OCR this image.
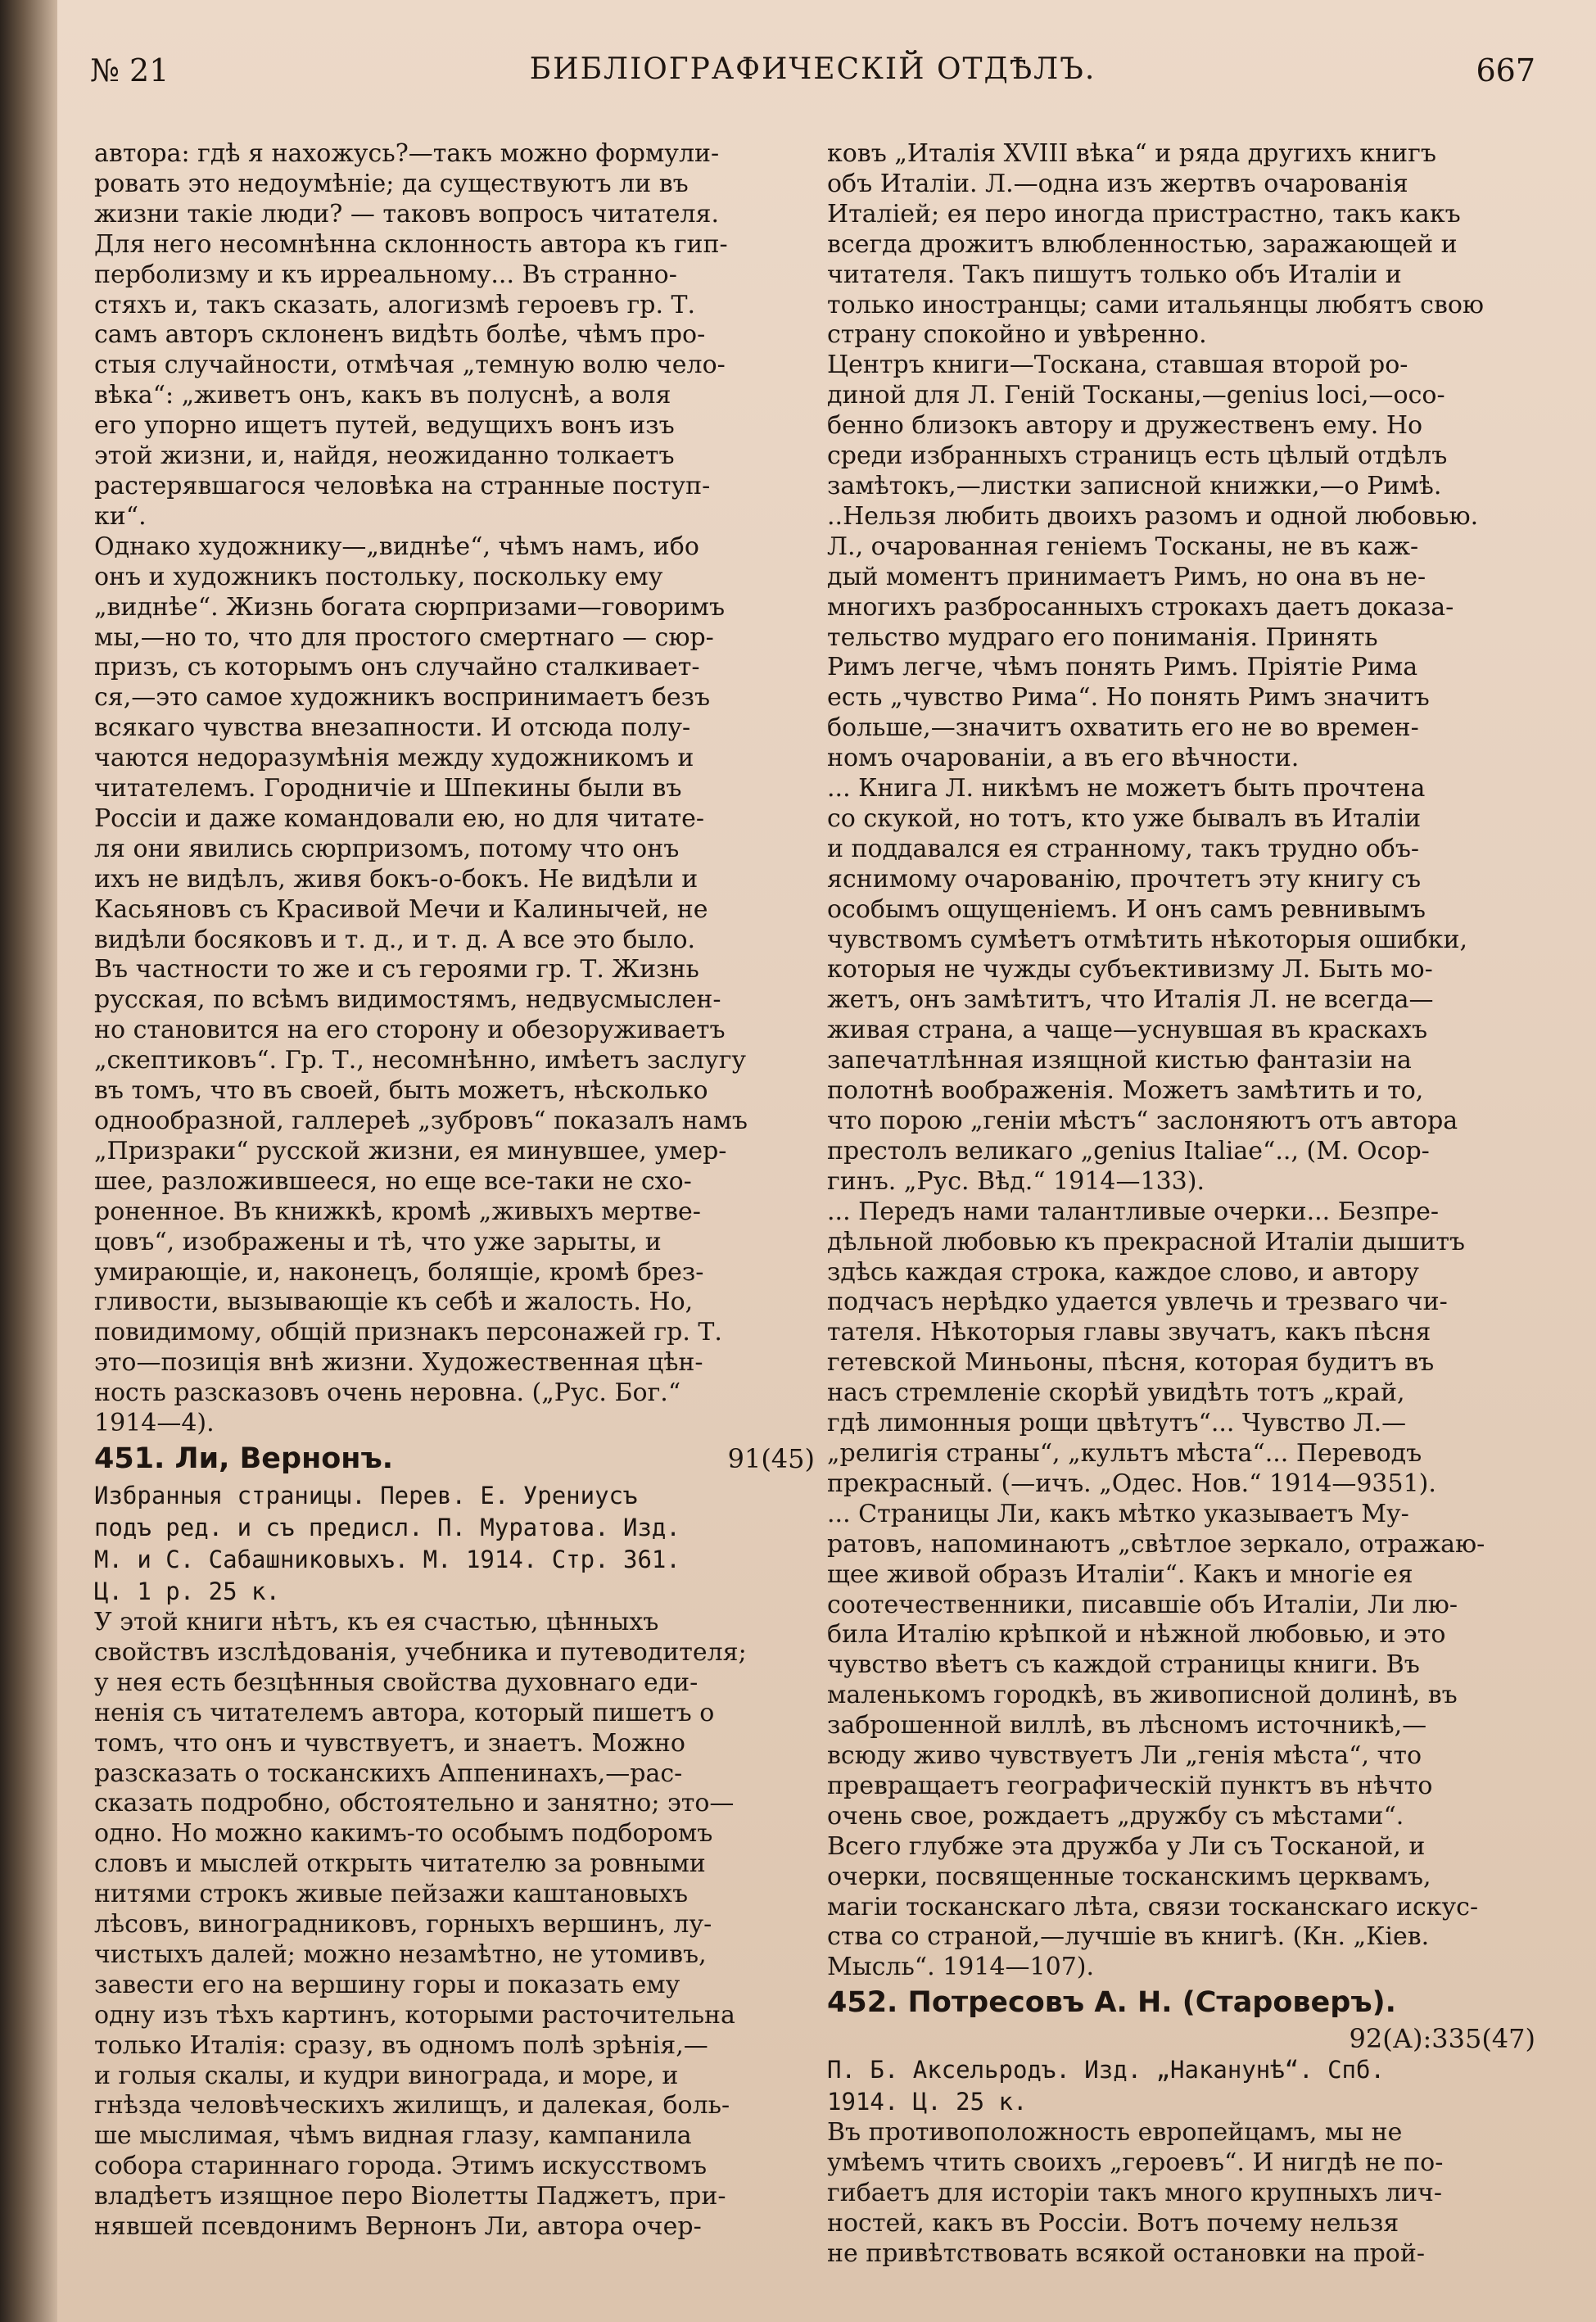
№ 21	БИБЛІОГРАФИЧЕСКІЙ ОТДѢЛЪ.	667
автора: гдѣ я нахожусь?—такъ можно формули-
ровать это недоумѣніе; да существуютъ ли въ
жизни такіе люди? — таковъ вопросъ читателя.
Для него несомнѣнна склонность автора къ гип-
перболизму и къ ирреальному... Въ странно-
стяхъ и, такъ сказать, алогизмѣ героевъ гр. Т.
самъ авторъ склоненъ видѣть болѣе, чѣмъ про-
стыя случайности, отмѣчая „темную волю чело-
вѣка“: „живетъ онъ, какъ въ полуснѣ, а воля
его упорно ищетъ путей, ведущихъ вонъ изъ
этой жизни, и, найдя, неожиданно толкаетъ
растерявшагося человѣка на странные поступ-
ки“.
Однако художнику—„виднѣе“, чѣмъ намъ, ибо
онъ и художникъ постольку, поскольку ему
„виднѣе“. Жизнь богата сюрпризами—говоримъ
мы,—но то, что для простого смертнаго — сюр-
призъ, съ которымъ онъ случайно сталкивает-
ся,—это самое художникъ воспринимаетъ безъ
всякаго чувства внезапности. И отсюда полу-
чаются недоразумѣнія между художникомъ и
читателемъ. Городничіе и Шпекины были въ
Россіи и даже командовали ею, но для читате-
ля они явились сюрпризомъ, потому что онъ
ихъ не видѣлъ, живя бокъ-о-бокъ. Не видѣли и
Касьяновъ съ Красивой Мечи и Калинычей, не
видѣли босяковъ и т. д., и т. д. А все это было.
Въ частности то же и съ героями гр. Т. Жизнь
русская, по всѣмъ видимостямъ, недвусмыслен-
но становится на его сторону и обезоруживаетъ
„скептиковъ“. Гр. Т., несомнѣнно, имѣетъ заслугу
въ томъ, что въ своей, быть можетъ, нѣсколько
однообразной, галлереѣ „зубровъ“ показалъ намъ
„Призраки“ русской жизни, ея минувшее, умер-
шее, разложившееся, но еще все-таки не схо-
роненное. Въ книжкѣ, кромѣ „живыхъ мертве-
цовъ“, изображены и тѣ, что уже зарыты, и
умирающіе, и, наконецъ, болящіе, кромѣ брез-
гливости, вызывающіе къ себѣ и жалость. Но,
повидимому, общій признакъ персонажей гр. Т.
это—позиція внѣ жизни. Художественная цѣн-
ность разсказовъ очень неровна. („Рус. Бог.“
1914—4).
91(45)
451. Ли, Вернонъ.
Избранныя страницы. Перев. Е. Урениусъ
подъ ред. и съ предисл. П. Муратова. Изд.
М. и С. Сабашниковыхъ. М. 1914. Стр. 361.
Ц. 1 р. 25 к.
У этой книги нѣтъ, къ ея счастью, цѣнныхъ
свойствъ изслѣдованія, учебника и путеводителя;
у нея есть безцѣнныя свойства духовнаго еди-
ненія съ читателемъ автора, который пишетъ о
томъ, что онъ и чувствуетъ, и знаетъ. Можно
разсказать о тосканскихъ Аппенинахъ,—рас-
сказать подробно, обстоятельно и занятно; это—
одно. Но можно какимъ-то особымъ подборомъ
словъ и мыслей открыть читателю за ровными
нитями строкъ живые пейзажи каштановыхъ
лѣсовъ, виноградниковъ, горныхъ вершинъ, лу-
чистыхъ далей; можно незамѣтно, не утомивъ,
завести его на вершину горы и показать ему
одну изъ тѣхъ картинъ, которыми расточительна
только Италія: сразу, въ одномъ полѣ зрѣнія,—
и голыя скалы, и кудри винограда, и море, и
гнѣзда человѣческихъ жилищъ, и далекая, боль-
ше мыслимая, чѣмъ видная глазу, кампанила
собора стариннаго города. Этимъ искусствомъ
владѣетъ изящное перо Віолетты Паджетъ, при-
нявшей псевдонимъ Вернонъ Ли, автора очер-
ковъ „Италія XVIII вѣка“ и ряда другихъ книгъ
объ Италіи. Л.—одна изъ жертвъ очарованія
Италіей; ея перо иногда пристрастно, такъ какъ
всегда дрожитъ влюбленностью, заражающей и
читателя. Такъ пишутъ только объ Италіи и
только иностранцы; сами итальянцы любятъ свою
страну спокойно и увѣренно.
Центръ книги—Тоскана, ставшая второй ро-
диной для Л. Геній Тосканы,—genius loci,—осо-
бенно близокъ автору и дружественъ ему. Но
среди избранныхъ страницъ есть цѣлый отдѣлъ
замѣтокъ,—листки записной книжки,—о Римѣ.
..Нельзя любить двоихъ разомъ и одной любовью.
Л., очарованная геніемъ Тосканы, не въ каж-
дый моментъ принимаетъ Римъ, но она въ не-
многихъ разбросанныхъ строкахъ даетъ доказа-
тельство мудраго его пониманія. Принять
Римъ легче, чѣмъ понять Римъ. Пріятіе Рима
есть „чувство Рима“. Но понять Римъ значитъ
больше,—значитъ охватить его не во времен-
номъ очарованіи, а въ его вѣчности.
... Книга Л. никѣмъ не можетъ быть прочтена
со скукой, но тотъ, кто уже бывалъ въ Италіи
и поддавался ея странному, такъ трудно объ-
яснимому очарованію, прочтетъ эту книгу съ
особымъ ощущеніемъ. И онъ самъ ревнивымъ
чувствомъ сумѣетъ отмѣтить нѣкоторыя ошибки,
которыя не чужды субъективизму Л. Быть мо-
жетъ, онъ замѣтитъ, что Италія Л. не всегда—
живая страна, а чаще—уснувшая въ краскахъ
запечатлѣнная изящной кистью фантазіи на
полотнѣ воображенія. Можетъ замѣтить и то,
что порою „геніи мѣстъ“ заслоняютъ отъ автора
престолъ великаго „genius Italiae“.., (М. Осор-
гинъ. „Рус. Вѣд.“ 1914—133).
... Передъ нами талантливые очерки... Безпре-
дѣльной любовью къ прекрасной Италіи дышитъ
здѣсь каждая строка, каждое слово, и автору
подчасъ нерѣдко удается увлечь и трезваго чи-
тателя. Нѣкоторыя главы звучатъ, какъ пѣсня
гетевской Миньоны, пѣсня, которая будитъ въ
насъ стремленіе скорѣй увидѣть тотъ „край,
гдѣ лимонныя рощи цвѣтутъ“... Чувство Л.—
„религія страны“, „культъ мѣста“... Переводъ
прекрасный. (—ичъ. „Одес. Нов.“ 1914—9351).
... Страницы Ли, какъ мѣтко указываетъ Му-
ратовъ, напоминаютъ „свѣтлое зеркало, отражаю-
щее живой образъ Италіи“. Какъ и многіе ея
соотечественники, писавшіе объ Италіи, Ли лю-
била Италію крѣпкой и нѣжной любовью, и это
чувство вѣетъ съ каждой страницы книги. Въ
маленькомъ городкѣ, въ живописной долинѣ, въ
заброшенной виллѣ, въ лѣсномъ источникѣ,—
всюду живо чувствуетъ Ли „генія мѣста“, что
превращаетъ географическій пунктъ въ нѣчто
очень свое, рождаетъ „дружбу съ мѣстами“.
Всего глубже эта дружба у Ли съ Тосканой, и
очерки, посвященные тосканскимъ церквамъ,
магіи тосканскаго лѣта, связи тосканскаго искус-
ства со страной,—лучшіе въ книгѣ. (Кн. „Кіев.
Мысль“. 1914—107).
452. Потресовъ А. Н. (Староверъ).
92(А):335(47)
П. Б. Аксельродъ. Изд. „Наканунѣ“. Спб.
1914. Ц. 25 к.
Въ противоположность европейцамъ, мы не
умѣемъ чтить своихъ „героевъ“. И нигдѣ не по-
гибаетъ для исторіи такъ много крупныхъ лич-
ностей, какъ въ Россіи. Вотъ почему нельзя
не привѣтствовать всякой остановки на прой-
